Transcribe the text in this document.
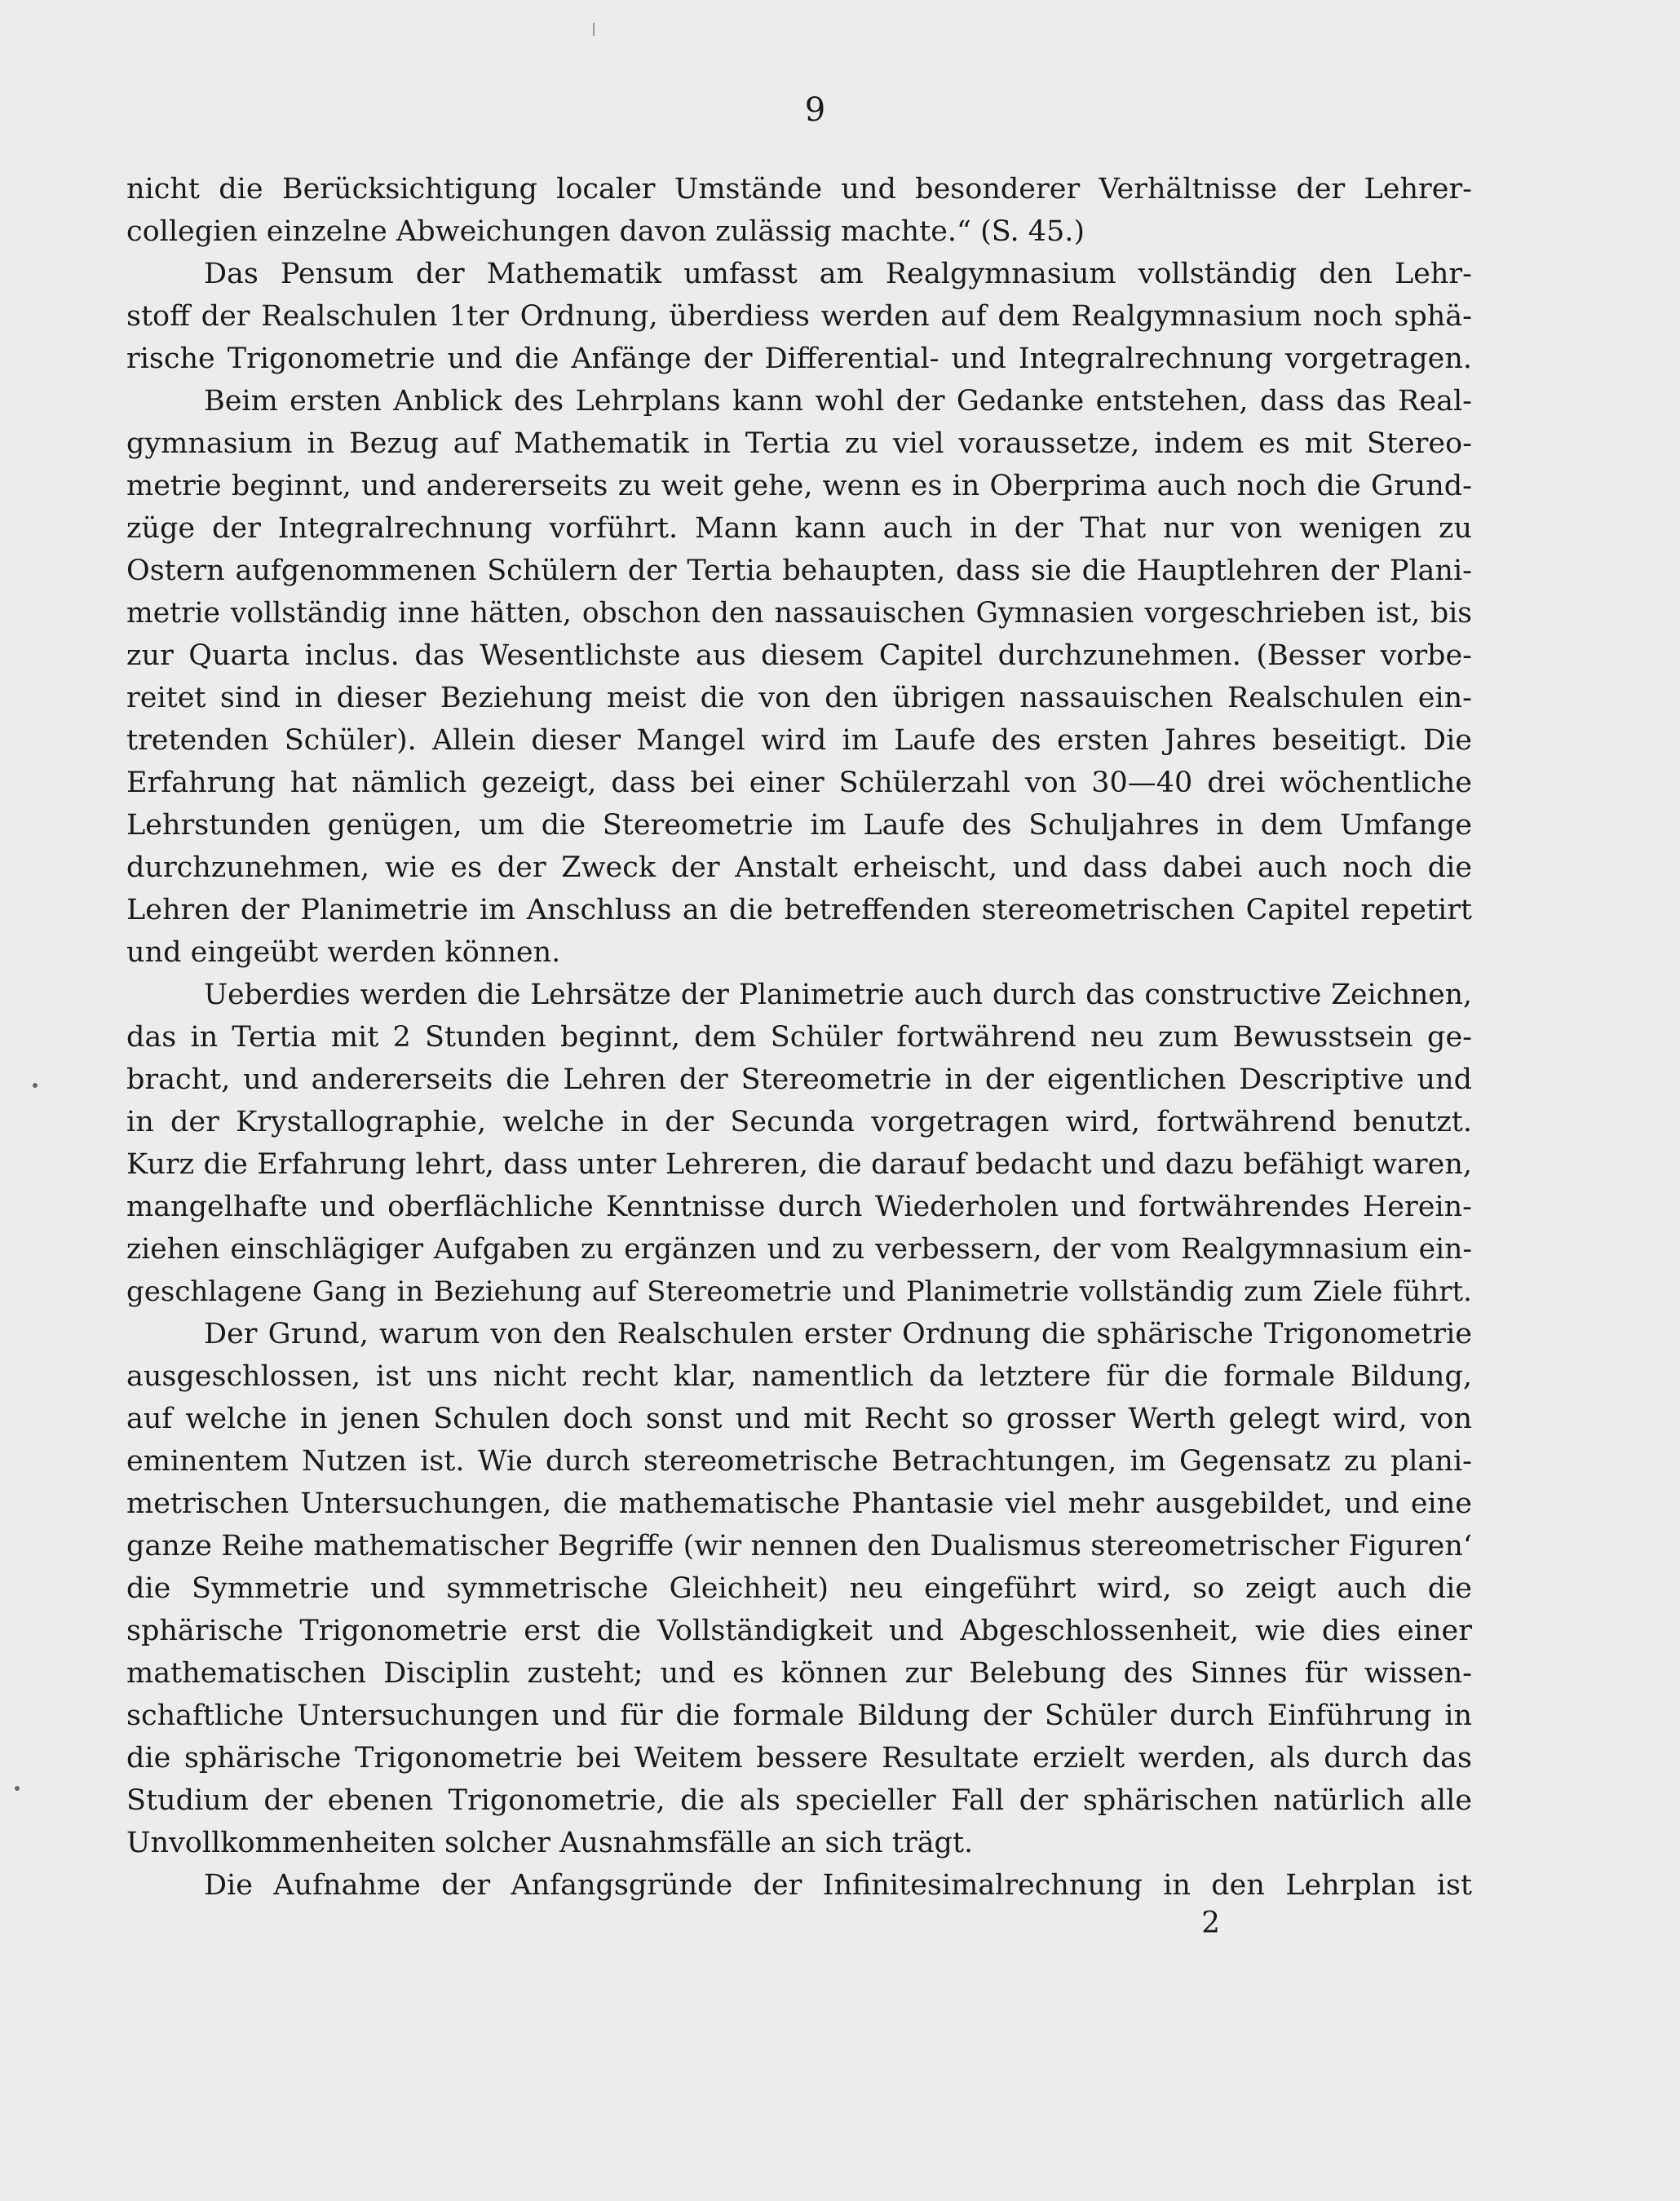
9
nicht die Berücksichtigung localer Umstände und besonderer Verhältnisse der Lehrer-
collegien einzelne Abweichungen davon zulässig machte.“ (S. 45.)
Das Pensum der Mathematik umfasst am Realgymnasium vollständig den Lehr-
stoff der Realschulen 1ter Ordnung, überdiess werden auf dem Realgymnasium noch sphä-
rische Trigonometrie und die Anfänge der Differential- und Integralrechnung vorgetragen.
Beim ersten Anblick des Lehrplans kann wohl der Gedanke entstehen, dass das Real-
gymnasium in Bezug auf Mathematik in Tertia zu viel voraussetze, indem es mit Stereo-
metrie beginnt, und andererseits zu weit gehe, wenn es in Oberprima auch noch die Grund-
züge der Integralrechnung vorführt. Mann kann auch in der That nur von wenigen zu
Ostern aufgenommenen Schülern der Tertia behaupten, dass sie die Hauptlehren der Plani-
metrie vollständig inne hätten, obschon den nassauischen Gymnasien vorgeschrieben ist, bis
zur Quarta inclus. das Wesentlichste aus diesem Capitel durchzunehmen. (Besser vorbe-
reitet sind in dieser Beziehung meist die von den übrigen nassauischen Realschulen ein-
tretenden Schüler). Allein dieser Mangel wird im Laufe des ersten Jahres beseitigt. Die
Erfahrung hat nämlich gezeigt, dass bei einer Schülerzahl von 30—40 drei wöchentliche
Lehrstunden genügen, um die Stereometrie im Laufe des Schuljahres in dem Umfange
durchzunehmen, wie es der Zweck der Anstalt erheischt, und dass dabei auch noch die
Lehren der Planimetrie im Anschluss an die betreffenden stereometrischen Capitel repetirt
und eingeübt werden können.
Ueberdies werden die Lehrsätze der Planimetrie auch durch das constructive Zeichnen,
das in Tertia mit 2 Stunden beginnt, dem Schüler fortwährend neu zum Bewusstsein ge-
bracht, und andererseits die Lehren der Stereometrie in der eigentlichen Descriptive und
in der Krystallographie, welche in der Secunda vorgetragen wird, fortwährend benutzt.
Kurz die Erfahrung lehrt, dass unter Lehreren, die darauf bedacht und dazu befähigt waren,
mangelhafte und oberflächliche Kenntnisse durch Wiederholen und fortwährendes Herein-
ziehen einschlägiger Aufgaben zu ergänzen und zu verbessern, der vom Realgymnasium ein-
geschlagene Gang in Beziehung auf Stereometrie und Planimetrie vollständig zum Ziele führt.
Der Grund, warum von den Realschulen erster Ordnung die sphärische Trigonometrie
ausgeschlossen, ist uns nicht recht klar, namentlich da letztere für die formale Bildung,
auf welche in jenen Schulen doch sonst und mit Recht so grosser Werth gelegt wird, von
eminentem Nutzen ist. Wie durch stereometrische Betrachtungen, im Gegensatz zu plani-
metrischen Untersuchungen, die mathematische Phantasie viel mehr ausgebildet, und eine
ganze Reihe mathematischer Begriffe (wir nennen den Dualismus stereometrischer Figuren‘
die Symmetrie und symmetrische Gleichheit) neu eingeführt wird, so zeigt auch die
sphärische Trigonometrie erst die Vollständigkeit und Abgeschlossenheit, wie dies einer
mathematischen Disciplin zusteht; und es können zur Belebung des Sinnes für wissen-
schaftliche Untersuchungen und für die formale Bildung der Schüler durch Einführung in
die sphärische Trigonometrie bei Weitem bessere Resultate erzielt werden, als durch das
Studium der ebenen Trigonometrie, die als specieller Fall der sphärischen natürlich alle
Unvollkommenheiten solcher Ausnahmsfälle an sich trägt.
Die Aufnahme der Anfangsgründe der Infinitesimalrechnung in den Lehrplan ist
2
